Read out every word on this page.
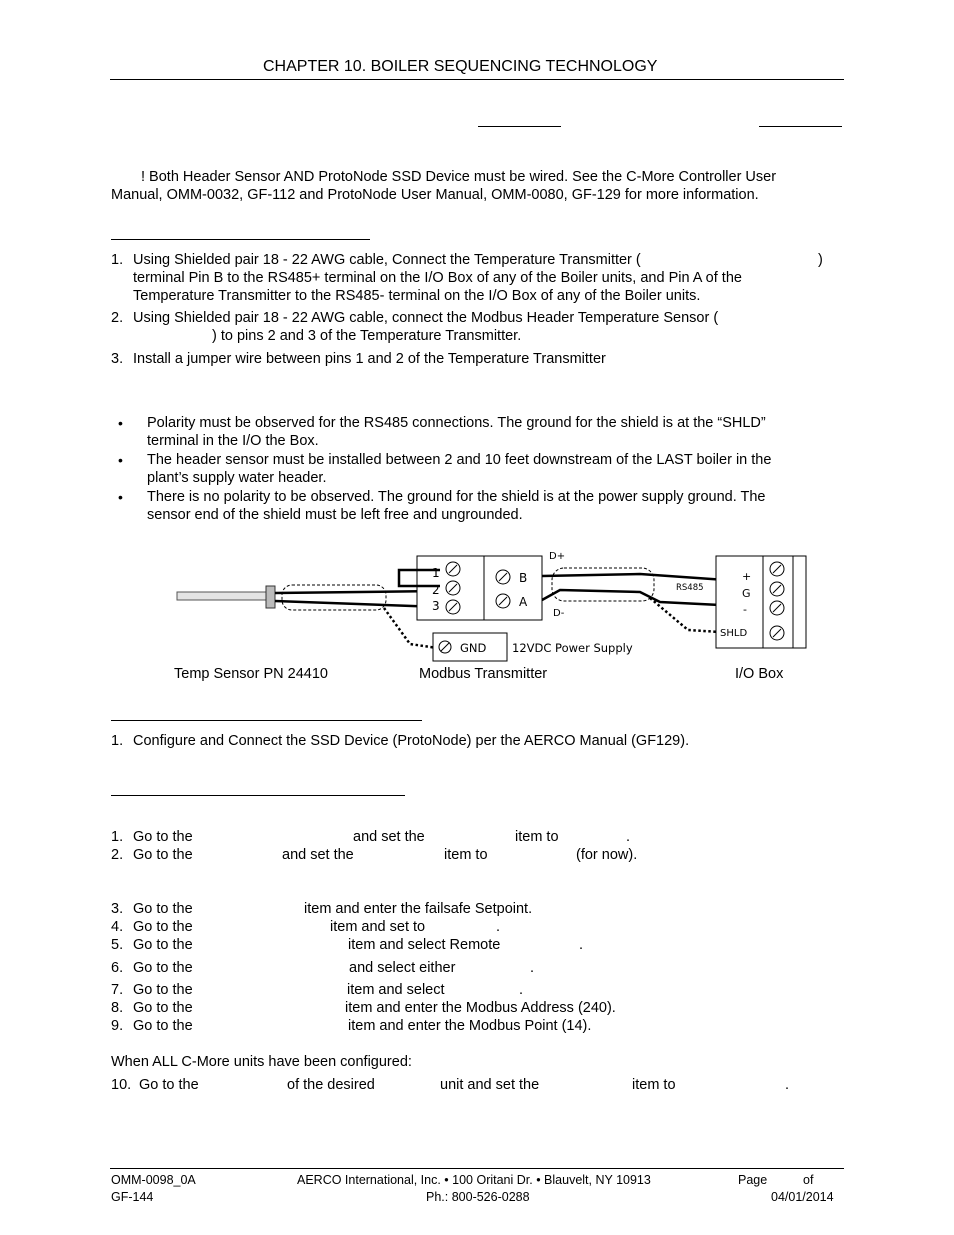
CHAPTER 10. BOILER SEQUENCING TECHNOLOGY
! Both Header Sensor AND ProtoNode SSD Device must be wired. See the C-More Controller User
Manual, OMM-0032, GF-112 and ProtoNode User Manual, OMM-0080, GF-129 for more information.
1. Using Shielded pair 18 - 22 AWG cable, Connect the Temperature Transmitter (	)
terminal Pin B to the RS485+ terminal on the I/O Box of any of the Boiler units, and Pin A of the
Temperature Transmitter to the RS485- terminal on the I/O Box of any of the Boiler units.
2. Using Shielded pair 18 - 22 AWG cable, connect the Modbus Header Temperature Sensor (
) to pins 2 and 3 of the Temperature Transmitter.
3. Install a jumper wire between pins 1 and 2 of the Temperature Transmitter
• Polarity must be observed for the RS485 connections. The ground for the shield is at the “SHLD”
terminal in the I/O the Box.
• The header sensor must be installed between 2 and 10 feet downstream of the LAST boiler in the
plant’s supply water header.
• There is no polarity to be observed. The ground for the shield is at the power supply ground. The
sensor end of the shield must be left free and ungrounded.
1
2
3
B
A
D+
D-
RS485
+
G
-
SHLD
GND 12VDC Power Supply
Temp Sensor PN 24410	Modbus Transmitter	I/O Box
1. Configure and Connect the SSD Device (ProtoNode) per the AERCO Manual (GF129).
1. Go to the	and set the	item to	.
2. Go to the	and set the	item to	(for now).
3. Go to the	item and enter the failsafe Setpoint.
4. Go to the	item and set to	.
5. Go to the	item and select Remote	.
6. Go to the	and select either	.
7. Go to the	item and select	.
8. Go to the	item and enter the Modbus Address (240).
9. Go to the	item and enter the Modbus Point (14).
When ALL C-More units have been configured:
10. Go to the	of the desired	unit and set the	item to	.
OMM-0098_0A
GF-144
AERCO International, Inc. • 100 Oritani Dr. • Blauvelt, NY 10913
Ph.: 800-526-0288
Page	of
04/01/2014
